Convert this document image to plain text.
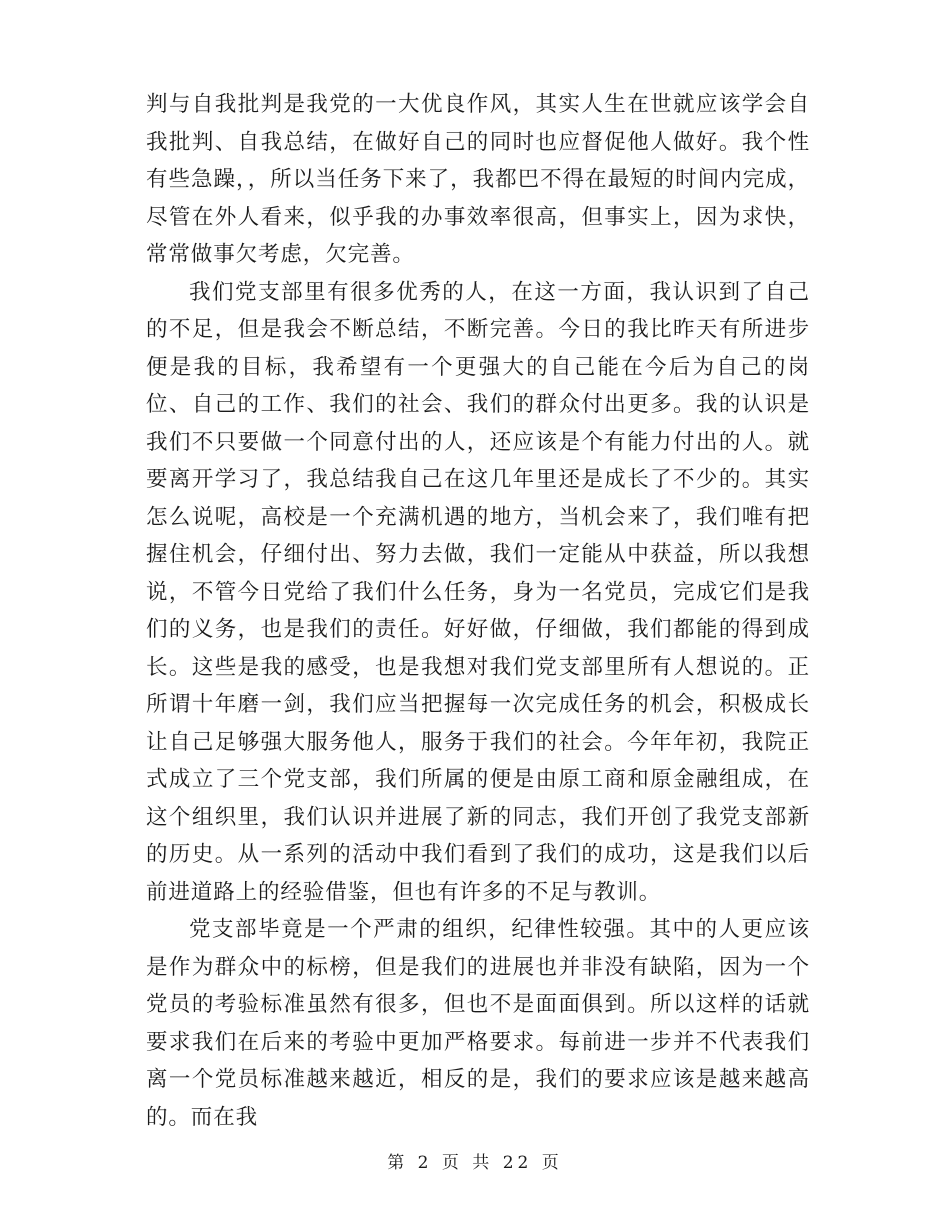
判与自我批判是我党的一大优良作风，其实人生在世就应该学会自我批判、自我总结，在做好自己的同时也应督促他人做好。我个性有些急躁，，所以当任务下来了，我都巴不得在最短的时间内完成，尽管在外人看来，似乎我的办事效率很高，但事实上，因为求快，常常做事欠考虑，欠完善。

我们党支部里有很多优秀的人，在这一方面，我认识到了自己的不足，但是我会不断总结，不断完善。今日的我比昨天有所进步便是我的目标，我希望有一个更强大的自己能在今后为自己的岗位、自己的工作、我们的社会、我们的群众付出更多。我的认识是我们不只要做一个同意付出的人，还应该是个有能力付出的人。就要离开学习了，我总结我自己在这几年里还是成长了不少的。其实怎么说呢，高校是一个充满机遇的地方，当机会来了，我们唯有把握住机会，仔细付出、努力去做，我们一定能从中获益，所以我想说，不管今日党给了我们什么任务，身为一名党员，完成它们是我们的义务，也是我们的责任。好好做，仔细做，我们都能的得到成长。这些是我的感受，也是我想对我们党支部里所有人想说的。正所谓十年磨一剑，我们应当把握每一次完成任务的机会，积极成长让自己足够强大服务他人，服务于我们的社会。今年年初，我院正式成立了三个党支部，我们所属的便是由原工商和原金融组成，在这个组织里，我们认识并进展了新的同志，我们开创了我党支部新的历史。从一系列的活动中我们看到了我们的成功，这是我们以后前进道路上的经验借鉴，但也有许多的不足与教训。

党支部毕竟是一个严肃的组织，纪律性较强。其中的人更应该是作为群众中的标榜，但是我们的进展也并非没有缺陷，因为一个党员的考验标准虽然有很多，但也不是面面俱到。所以这样的话就要求我们在后来的考验中更加严格要求。每前进一步并不代表我们离一个党员标准越来越近，相反的是，我们的要求应该是越来越高的。而在我

第 2 页 共 22 页
